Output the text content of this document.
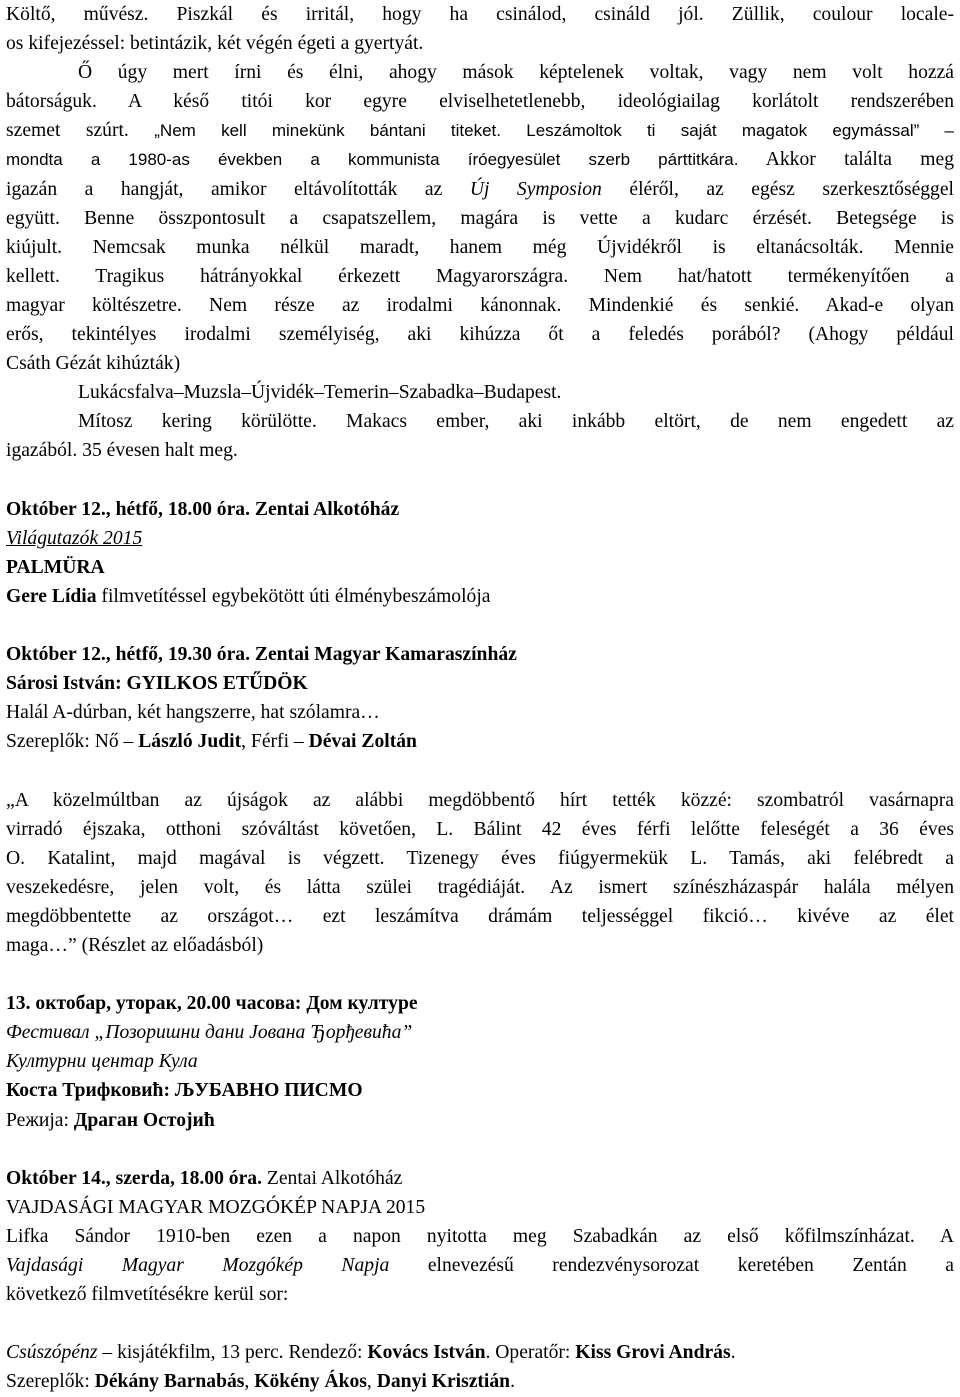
Költő, művész. Piszkál és irritál, hogy ha csinálod, csináld jól. Züllik, coulour locale-
os kifejezéssel: betintázik, két végén égeti a gyertyát.
Ő úgy mert írni és élni, ahogy mások képtelenek voltak, vagy nem volt hozzá
bátorságuk. A késő titói kor egyre elviselhetetlenebb, ideológiailag korlátolt rendszerében
szemet szúrt. „Nem kell minekünk bántani titeket. Leszámoltok ti saját magatok egymással” –
mondta a 1980-as években a kommunista íróegyesület szerb párttitkára. Akkor találta meg
igazán a hangját, amikor eltávolították az Új Symposion éléről, az egész szerkesztőséggel
együtt. Benne összpontosult a csapatszellem, magára is vette a kudarc érzését. Betegsége is
kiújult. Nemcsak munka nélkül maradt, hanem még Újvidékről is eltanácsolták. Mennie
kellett. Tragikus hátrányokkal érkezett Magyarországra. Nem hat/hatott termékenyítően a
magyar költészetre. Nem része az irodalmi kánonnak. Mindenkié és senkié. Akad-e olyan
erős, tekintélyes irodalmi személyiség, aki kihúzza őt a feledés porából? (Ahogy például
Csáth Gézát kihúzták)
Lukácsfalva–Muzsla–Újvidék–Temerin–Szabadka–Budapest.
Mítosz kering körülötte. Makacs ember, aki inkább eltört, de nem engedett az
igazából. 35 évesen halt meg.
Október 12., hétfő, 18.00 óra. Zentai Alkotóház
Világutazók 2015
PALMÜRA
Gere Lídia filmvetítéssel egybekötött úti élménybeszámolója
Október 12., hétfő, 19.30 óra. Zentai Magyar Kamaraszínház
Sárosi István: GYILKOS ETŰDÖK
Halál A-dúrban, két hangszerre, hat szólamra…
Szereplők: Nő – László Judit, Férfi – Dévai Zoltán
„A közelmúltban az újságok az alábbi megdöbbentő hírt tették közzé: szombatról vasárnapra
virradó éjszaka, otthoni szóváltást követően, L. Bálint 42 éves férfi lelőtte feleségét a 36 éves
O. Katalint, majd magával is végzett. Tizenegy éves fiúgyermekük L. Tamás, aki felébredt a
veszekedésre, jelen volt, és látta szülei tragédiáját. Az ismert színészházaspár halála mélyen
megdöbbentette az országot… ezt leszámítva drámám teljességgel fikció… kivéve az élet
maga…” (Részlet az előadásból)
13. октобар, уторак, 20.00 часова: Дом културе
Фестивал „Позоришни дани Јована Ђорђевића”
Културни центар Кула
Коста Трифковић: ЉУБАВНО ПИСМО
Режија: Драган Остојић
Október 14., szerda, 18.00 óra. Zentai Alkotóház
VAJDASÁGI MAGYAR MOZGÓKÉP NAPJA 2015
Lifka Sándor 1910-ben ezen a napon nyitotta meg Szabadkán az első kőfilmszínházat. A
Vajdasági Magyar Mozgókép Napja elnevezésű rendezvénysorozat keretében Zentán a
következő filmvetítésékre kerül sor:
Csúszópénz – kisjátékfilm, 13 perc. Rendező: Kovács István. Operatőr: Kiss Grovi András.
Szereplők: Dékány Barnabás, Kökény Ákos, Danyi Krisztián.
